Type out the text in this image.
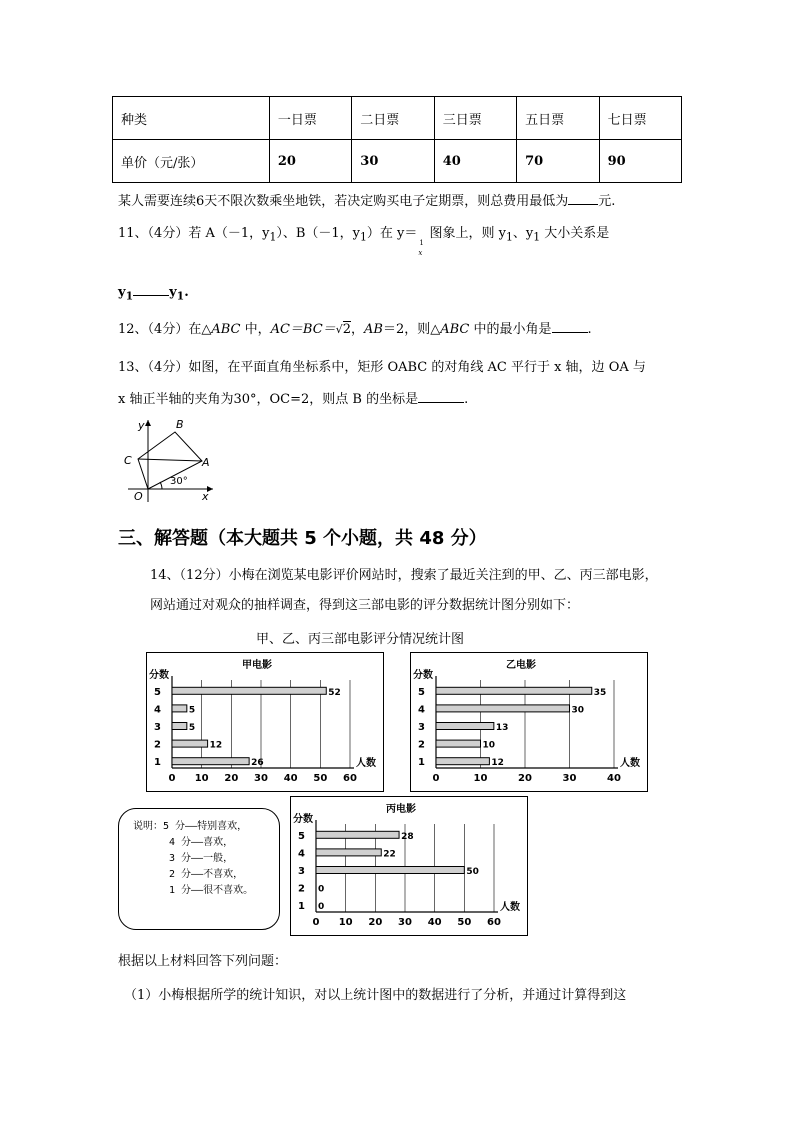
种类	一日票	二日票	三日票	五日票	七日票
单价（元/张）	20	30	40	70	90
某人需要连续6天不限次数乘坐地铁，若决定购买电子定期票，则总费用最低为 元.
11、（4分）若 A（－1，$y_1$）、B（－1，$y_1$）在 y＝
1
x
图象上，则 $y_1$、$y_1$ 大小关系是
$y_1$	$y_1$.
12、（4分）在△ABC 中，AC＝BC＝√2，AB＝2，则△ABC 中的最小角是	.
13、（4分）如图，在平面直角坐标系中，矩形 OABC 的对角线 AC 平行于 x 轴，边 OA 与
x 轴正半轴的夹角为30°，OC=2，则点 B 的坐标是	.
y	B
C	A
O	x
30°
三、解答题（本大题共 5 个小题，共 48 分）
14、（12分）小梅在浏览某电影评价网站时，搜索了最近关注到的甲、乙、丙三部电影，
网站通过对观众的抽样调查，得到这三部电影的评分数据统计图分别如下：
甲、乙、丙三部电影评分情况统计图
甲电影
分数
0 10 20 30 40 50 60
人数
5	52
4	5
3	5
2	12
1	26
乙电影
分数
0	10	20	30	40
人数
5	35
4	30
3	13
2	10
1	12
丙电影
分数
0 10 20 30 40 50 60
人数
5	28
4	22
3	50
2 0
1 0
说明：5 分——特别喜欢，
4 分——喜欢，
3 分——一般，
2 分——不喜欢，
1 分——很不喜欢。
根据以上材料回答下列问题：
（1）小梅根据所学的统计知识，对以上统计图中的数据进行了分析，并通过计算得到这
